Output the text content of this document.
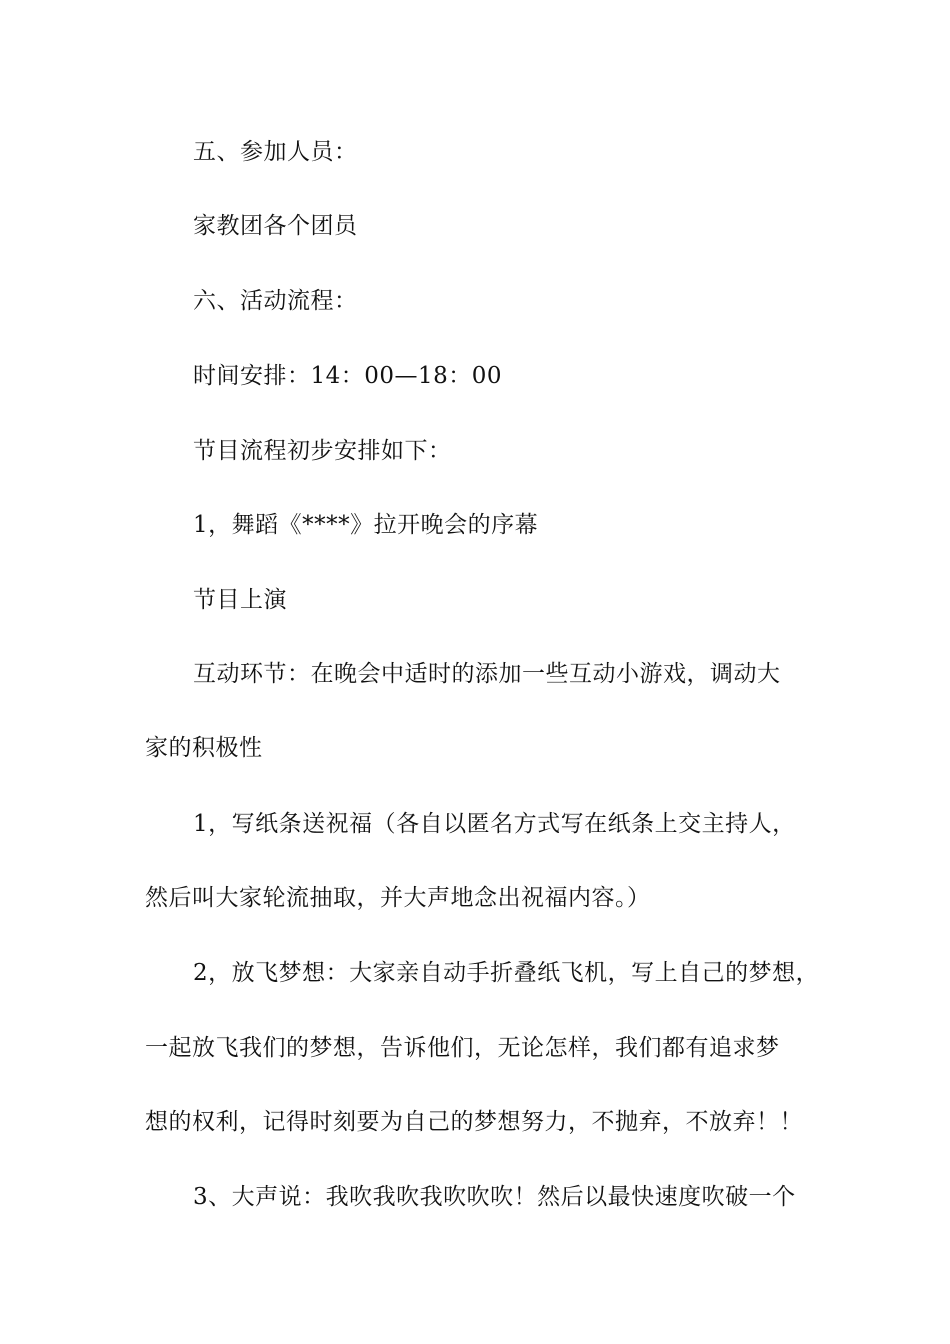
五、参加人员：
家教团各个团员
六、活动流程：
时间安排：14：00—18：00
节目流程初步安排如下：
1，舞蹈《****》拉开晚会的序幕
节目上演
互动环节：在晚会中适时的添加一些互动小游戏，调动大
家的积极性
1，写纸条送祝福（各自以匿名方式写在纸条上交主持人，
然后叫大家轮流抽取，并大声地念出祝福内容。）
2，放飞梦想：大家亲自动手折叠纸飞机，写上自己的梦想，
一起放飞我们的梦想，告诉他们，无论怎样，我们都有追求梦
想的权利，记得时刻要为自己的梦想努力，不抛弃，不放弃！！
3、大声说：我吹我吹我吹吹吹！然后以最快速度吹破一个
